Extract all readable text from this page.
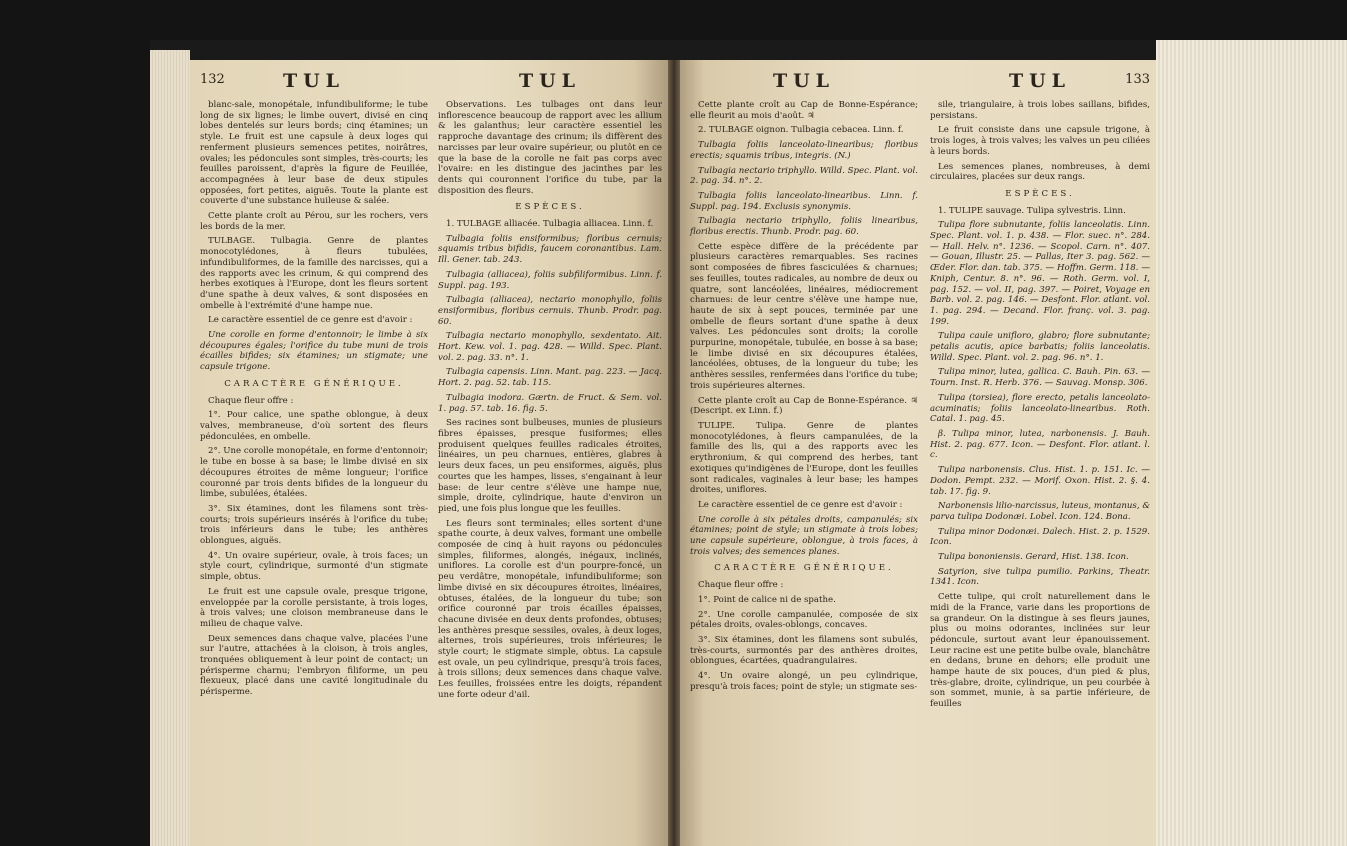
132	TUL

blanc-sale, monopétale, infundibuliforme; le tube long de six lignes; le limbe ouvert, divisé en cinq lobes dentelés sur leurs bords; cinq étamines; un style. Le fruit est une capsule à deux loges qui renferment plusieurs semences petites, noirâtres, ovales; les pédoncules sont simples, très-courts; les feuilles paroissent, d'après la figure de Feuillée, accompagnées à leur base de deux stipules opposées, fort petites, aiguës. Toute la plante est couverte d'une substance huileuse & salée.

Cette plante croît au Pérou, sur les rochers, vers les bords de la mer.

TULBAGE. Tulbagia. Genre de plantes monocotylédones, à fleurs tubulées, infundibuliformes, de la famille des narcisses, qui a des rapports avec les crinum, & qui comprend des herbes exotiques à l'Europe, dont les fleurs sortent d'une spathe à deux valves, & sont disposées en ombelle à l'extrémité d'une hampe nue.

Le caractère essentiel de ce genre est d'avoir :

Une corolle en forme d'entonnoir; le limbe à six découpures égales; l'orifice du tube muni de trois écailles bifides; six étamines; un stigmate; une capsule trigone.

CARACTÈRE GÉNÉRIQUE.

Chaque fleur offre :

1°. Pour calice, une spathe oblongue, à deux valves, membraneuse, d'où sortent des fleurs pédonculées, en ombelle.

2°. Une corolle monopétale, en forme d'entonnoir; le tube en bosse à sa base; le limbe divisé en six découpures étroites de même longueur; l'orifice couronné par trois dents bifides de la longueur du limbe, subulées, étalées.

3°. Six étamines, dont les filamens sont très-courts; trois supérieurs insérés à l'orifice du tube; trois inférieurs dans le tube; les anthères oblongues, aiguës.

4°. Un ovaire supérieur, ovale, à trois faces; un style court, cylindrique, surmonté d'un stigmate simple, obtus.

Le fruit est une capsule ovale, presque trigone, enveloppée par la corolle persistante, à trois loges, à trois valves; une cloison membraneuse dans le milieu de chaque valve.

Deux semences dans chaque valve, placées l'une sur l'autre, attachées à la cloison, à trois angles, tronquées obliquement à leur point de contact; un périsperme charnu; l'embryon filiforme, un peu flexueux, placé dans une cavité longitudinale du périsperme.

TUL

Observations. Les tulbages ont dans leur inflorescence beaucoup de rapport avec les allium & les galanthus; leur caractère essentiel les rapproche davantage des crinum; ils diffèrent des narcisses par leur ovaire supérieur, ou plutôt en ce que la base de la corolle ne fait pas corps avec l'ovaire: en les distingue des jacinthes par les dents qui couronnent l'orifice du tube, par la disposition des fleurs.

ESPÈCES.

1. TULBAGE alliacée. Tulbagia alliacea. Linn. f.

Tulbagia foliis ensiformibus; floribus cernuis; squamis tribus bifidis, faucem coronantibus. Lam. Ill. Gener. tab. 243.

Tulbagia (alliacea), foliis subfiliformibus. Linn. f. Suppl. pag. 193.

Tulbagia (alliacea), nectario monophyllo, foliis ensiformibus, floribus cernuis. Thunb. Prodr. pag. 60.

Tulbagia nectario monophyllo, sexdentato. Ait. Hort. Kew. vol. 1. pag. 428. — Willd. Spec. Plant. vol. 2. pag. 33. n°. 1.

Tulbagia capensis. Linn. Mant. pag. 223. — Jacq. Hort. 2. pag. 52. tab. 115.

Tulbagia inodora. Gærtn. de Fruct. & Sem. vol. 1. pag. 57. tab. 16. fig. 5.

Ses racines sont bulbeuses, munies de plusieurs fibres épaisses, presque fusiformes; elles produisent quelques feuilles radicales étroites, linéaires, un peu charnues, entières, glabres à leurs deux faces, un peu ensiformes, aiguës, plus courtes que les hampes, lisses, s'engainant à leur base: de leur centre s'élève une hampe nue, simple, droite, cylindrique, haute d'environ un pied, une fois plus longue que les feuilles.

Les fleurs sont terminales; elles sortent d'une spathe courte, à deux valves, formant une ombelle composée de cinq à huit rayons ou pédoncules simples, filiformes, alongés, inégaux, inclinés, uniflores. La corolle est d'un pourpre-foncé, un peu verdâtre, monopétale, infundibuliforme; son limbe divisé en six découpures étroites, linéaires, obtuses, étalées, de la longueur du tube; son orifice couronné par trois écailles épaisses, chacune divisée en deux dents profondes, obtuses; les anthères presque sessiles, ovales, à deux loges, alternes, trois supérieures, trois inférieures; le style court; le stigmate simple, obtus. La capsule est ovale, un peu cylindrique, presqu'à trois faces, à trois sillons; deux semences dans chaque valve. Les feuilles, froissées entre les doigts, répandent une forte odeur d'ail.

TUL

Cette plante croît au Cap de Bonne-Espérance; elle fleurit au mois d'août. ♃

2. TULBAGE oignon. Tulbagia cebacea. Linn. f.

Tulbagia foliis lanceolato-linearibus; floribus erectis; squamis tribus, integris. (N.)

Tulbagia nectario triphyllo. Willd. Spec. Plant. vol. 2. pag. 34. n°. 2.

Tulbagia foliis lanceolato-linearibus. Linn. f. Suppl. pag. 194. Exclusis synonymis.

Tulbagia nectario triphyllo, foliis linearibus, floribus erectis. Thunb. Prodr. pag. 60.

Cette espèce diffère de la précédente par plusieurs caractères remarquables. Ses racines sont composées de fibres fasciculées & charnues; ses feuilles, toutes radicales, au nombre de deux ou quatre, sont lancéolées, linéaires, médiocrement charnues: de leur centre s'élève une hampe nue, haute de six à sept pouces, terminée par une ombelle de fleurs sortant d'une spathe à deux valves. Les pédoncules sont droits; la corolle purpurine, monopétale, tubulée, en bosse à sa base; le limbe divisé en six découpures étalées, lancéolées, obtuses, de la longueur du tube; les anthères sessiles, renfermées dans l'orifice du tube; trois supérieures alternes.

Cette plante croît au Cap de Bonne-Espérance. ♃ (Descript. ex Linn. f.)

TULIPE. Tulipa. Genre de plantes monocotylédones, à fleurs campanulées, de la famille des lis, qui a des rapports avec les erythronium, & qui comprend des herbes, tant exotiques qu'indigènes de l'Europe, dont les feuilles sont radicales, vaginales à leur base; les hampes droites, uniflores.

Le caractère essentiel de ce genre est d'avoir :

Une corolle à six pétales droits, campanulés; six étamines; point de style; un stigmate à trois lobes; une capsule supérieure, oblongue, à trois faces, à trois valves; des semences planes.

CARACTÈRE GÉNÉRIQUE.

Chaque fleur offre :

1°. Point de calice ni de spathe.

2°. Une corolle campanulée, composée de six pétales droits, ovales-oblongs, concaves.

3°. Six étamines, dont les filamens sont subulés, très-courts, surmontés par des anthères droites, oblongues, écartées, quadrangulaires.

4°. Un ovaire alongé, un peu cylindrique, presqu'à trois faces; point de style; un stigmate ses-

TUL	133

sile, triangulaire, à trois lobes saillans, bifides, persistans.

Le fruit consiste dans une capsule trigone, à trois loges, à trois valves; les valves un peu ciliées à leurs bords.

Les semences planes, nombreuses, à demi circulaires, placées sur deux rangs.

ESPÈCES.

1. TULIPE sauvage. Tulipa sylvestris. Linn.

Tulipa flore subnutante, foliis lanceolatis. Linn. Spec. Plant. vol. 1. p. 438. — Flor. suec. n°. 284. — Hall. Helv. n°. 1236. — Scopol. Carn. n°. 407. — Gouan, Illustr. 25. — Pallas, Iter 3. pag. 562. — Œder. Flor. dan. tab. 375. — Hoffm. Germ. 118. — Kniph, Centur. 8. n°. 96. — Roth. Germ. vol. I, pag. 152. — vol. II, pag. 397. — Poiret, Voyage en Barb. vol. 2. pag. 146. — Desfont. Flor. atlant. vol. 1. pag. 294. — Decand. Flor. franç. vol. 3. pag. 199.

Tulipa caule unifloro, glabro; flore subnutante; petalis acutis, apice barbatis; foliis lanceolatis. Willd. Spec. Plant. vol. 2. pag. 96. n°. 1.

Tulipa minor, lutea, gallica. C. Bauh. Pin. 63. — Tourn. Inst. R. Herb. 376. — Sauvag. Monsp. 306.

Tulipa (torsiea), flore erecto, petalis lanceolato-acuminatis; foliis lanceolato-linearibus. Roth. Catal. 1. pag. 45.

β. Tulipa minor, lutea, narbonensis. J. Bauh. Hist. 2. pag. 677. Icon. — Desfont. Flor. atlant. l. c.

Tulipa narbonensis. Clus. Hist. 1. p. 151. Ic. — Dodon. Pempt. 232. — Morif. Oxon. Hist. 2. §. 4. tab. 17. fig. 9.

Narbonensis lilio-narcissus, luteus, montanus, & parva tulipa Dodonæi. Lobel. Icon. 124. Bona.

Tulipa minor Dodonæi. Dalech. Hist. 2. p. 1529. Icon.

Tulipa bononiensis. Gerard, Hist. 138. Icon.

Satyrion, sive tulipa pumilio. Parkins, Theatr. 1341. Icon.

Cette tulipe, qui croît naturellement dans le midi de la France, varie dans les proportions de sa grandeur. On la distingue à ses fleurs jaunes, plus ou moins odorantes, inclinées sur leur pédoncule, surtout avant leur épanouissement. Leur racine est une petite bulbe ovale, blanchâtre en dedans, brune en dehors; elle produit une hampe haute de six pouces, d'un pied & plus, très-glabre, droite, cylindrique, un peu courbée à son sommet, munie, à sa partie inférieure, de feuilles
